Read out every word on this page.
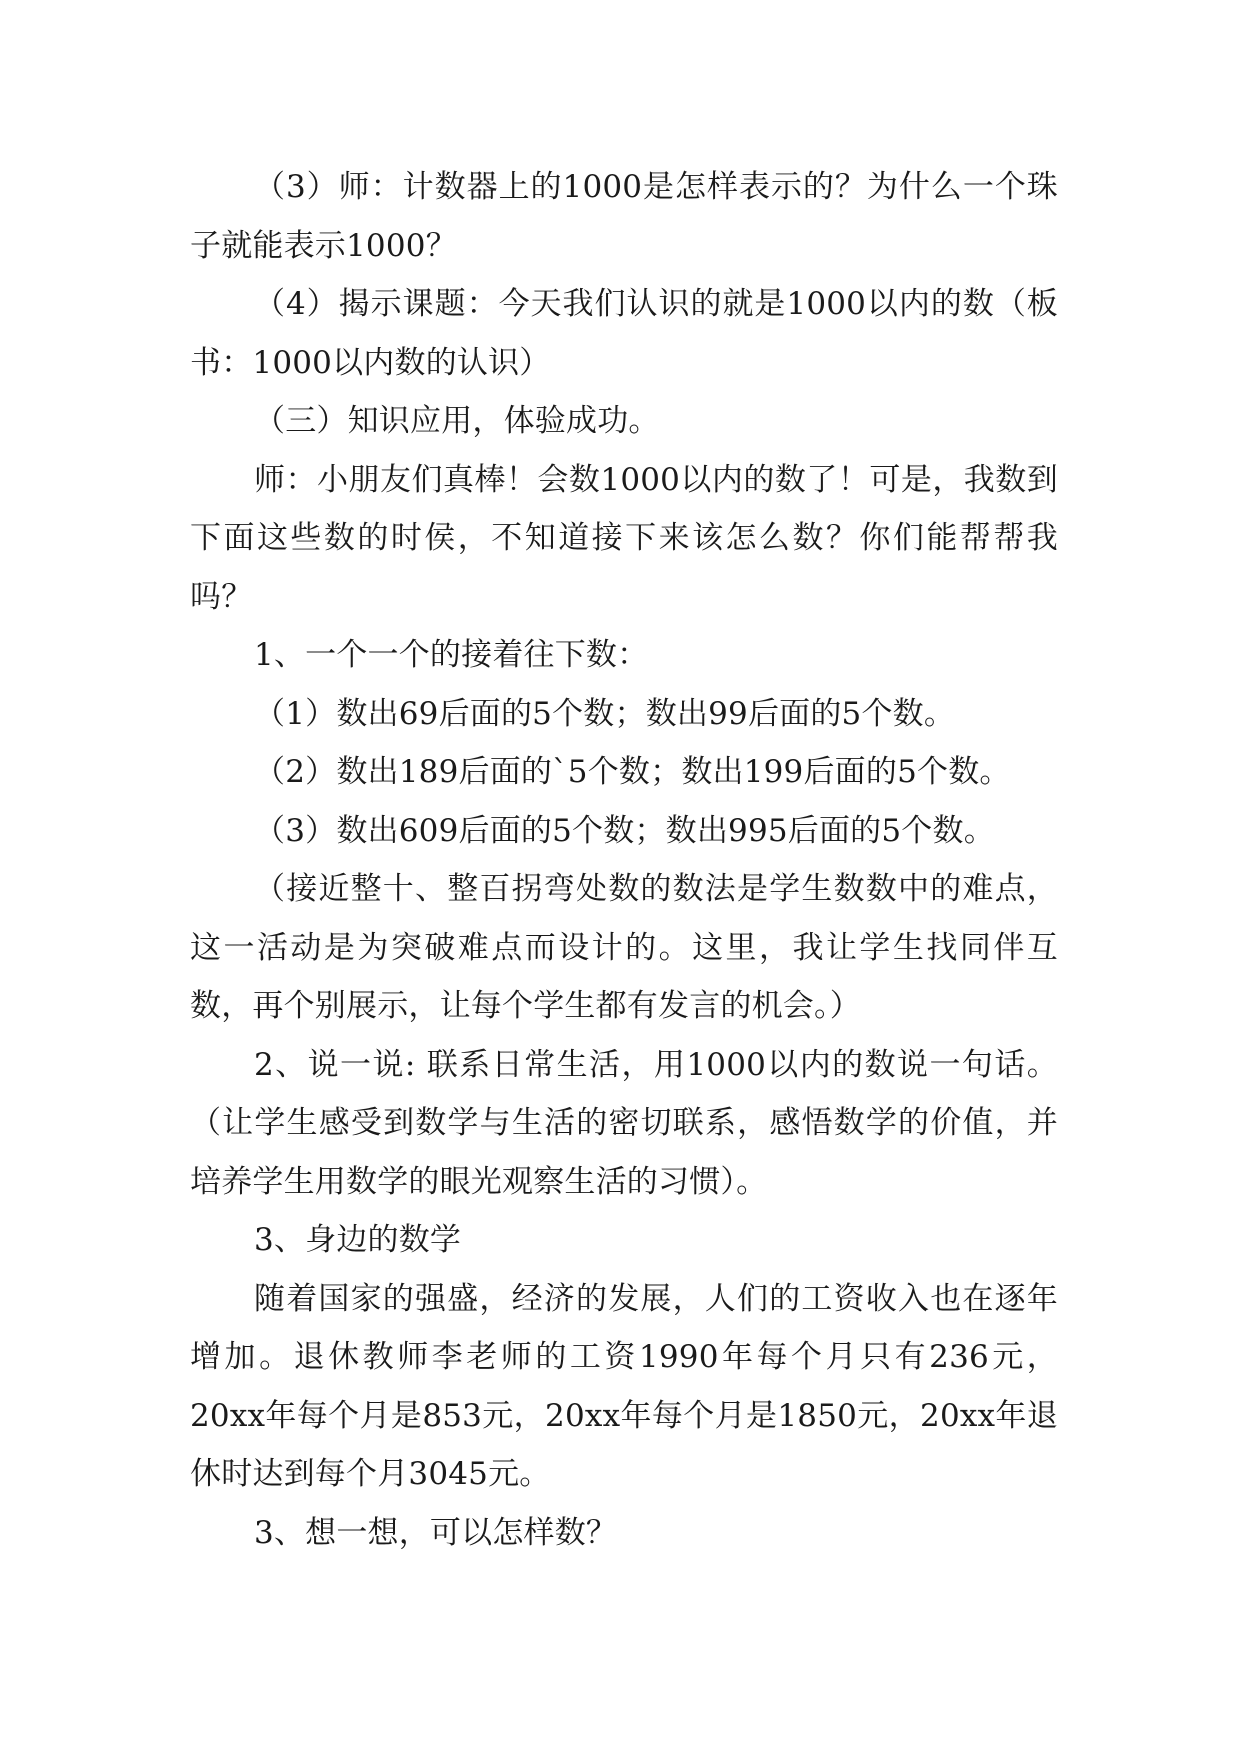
（3）师：计数器上的1000是怎样表示的？为什么一个珠子就能表示1000？

（4）揭示课题：今天我们认识的就是1000以内的数（板书：1000以内数的认识）

（三）知识应用，体验成功。

师：小朋友们真棒！会数1000以内的数了！可是，我数到下面这些数的时侯，不知道接下来该怎么数？你们能帮帮我吗？

1、一个一个的接着往下数：

（1）数出69后面的5个数；数出99后面的5个数。

（2）数出189后面的`5个数；数出199后面的5个数。

（3）数出609后面的5个数；数出995后面的5个数。

（接近整十、整百拐弯处数的数法是学生数数中的难点，这一活动是为突破难点而设计的。这里，我让学生找同伴互数，再个别展示，让每个学生都有发言的机会。）

2、说一说: 联系日常生活，用1000以内的数说一句话。（让学生感受到数学与生活的密切联系，感悟数学的价值，并培养学生用数学的眼光观察生活的习惯）。

3、身边的数学

随着国家的强盛，经济的发展，人们的工资收入也在逐年增加。退休教师李老师的工资1990年每个月只有236元，20xx年每个月是853元，20xx年每个月是1850元，20xx年退休时达到每个月3045元。

3、想一想，可以怎样数？
